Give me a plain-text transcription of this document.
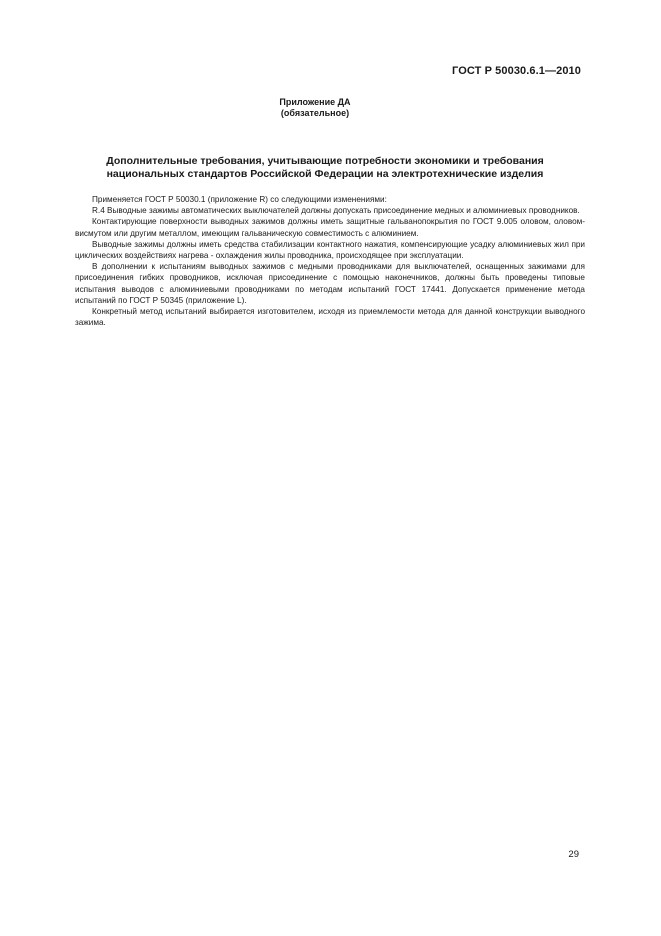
ГОСТ Р 50030.6.1—2010
Приложение ДА
(обязательное)
Дополнительные требования, учитывающие потребности экономики и требования
национальных стандартов Российской Федерации на электротехнические изделия

Применяется ГОСТ Р 50030.1 (приложение R) со следующими изменениями:

R.4 Выводные зажимы автоматических выключателей должны допускать присоединение медных и алюминиевых проводников.

Контактирующие поверхности выводных зажимов должны иметь защитные гальванопокрытия по ГОСТ 9.005 оловом, оловом-висмутом или другим металлом, имеющим гальваническую совместимость с алюминием.

Выводные зажимы должны иметь средства стабилизации контактного нажатия, компенсирующие усадку алюминиевых жил при циклических воздействиях нагрева - охлаждения жилы проводника, происходящее при эксплуатации.

В дополнении к испытаниям выводных зажимов с медными проводниками для выключателей, оснащенных зажимами для присоединения гибких проводников, исключая присоединение с помощью наконечников, должны быть проведены типовые испытания выводов с алюминиевыми проводниками по методам испытаний ГОСТ 17441. Допускается применение метода испытаний по ГОСТ Р 50345 (приложение L).

Конкретный метод испытаний выбирается изготовителем, исходя из приемлемости метода для данной конструкции выводного зажима.

29
